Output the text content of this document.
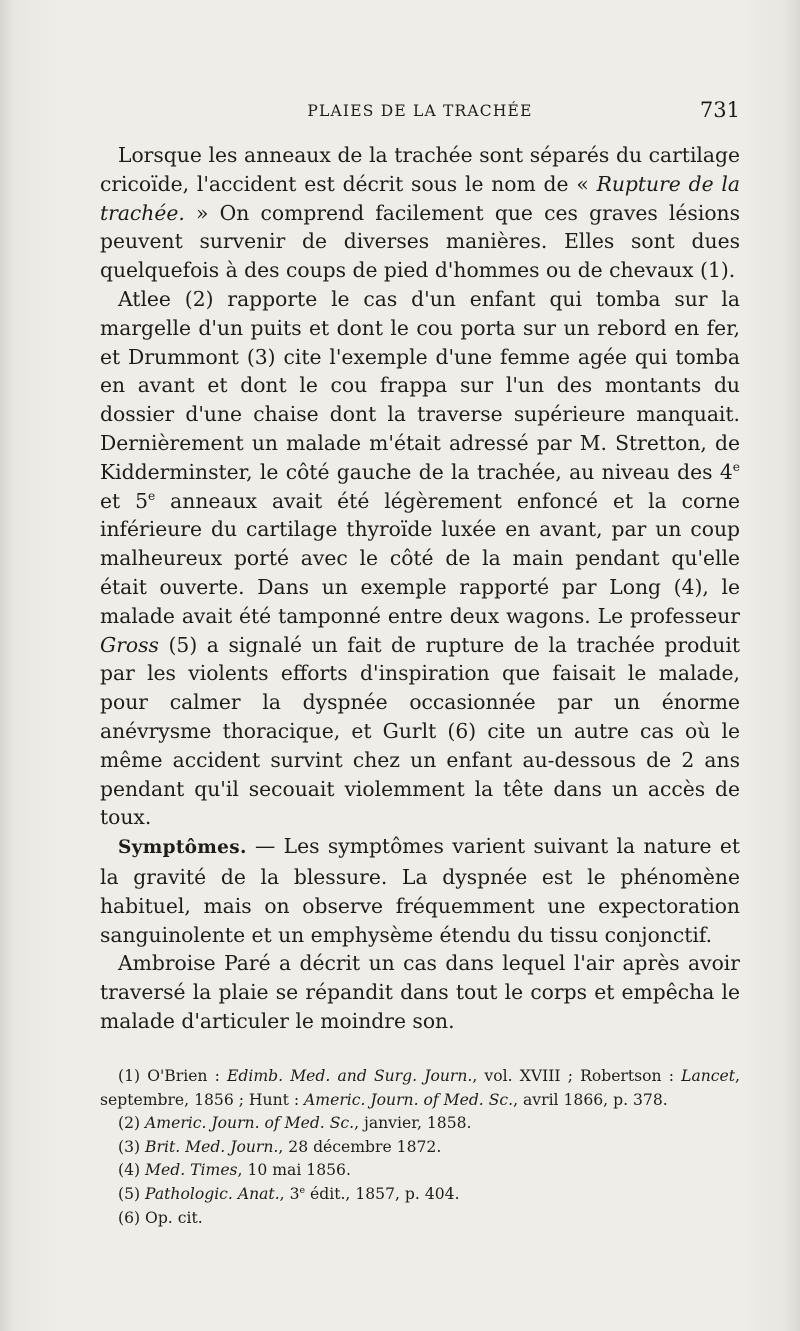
PLAIES DE LA TRACHÉE	731

Lorsque les anneaux de la trachée sont séparés du cartilage cricoïde, l'accident est décrit sous le nom de « Rupture de la trachée. » On comprend facilement que ces graves lésions peuvent survenir de diverses manières. Elles sont dues quelquefois à des coups de pied d'hommes ou de chevaux (1).

Atlee (2) rapporte le cas d'un enfant qui tomba sur la margelle d'un puits et dont le cou porta sur un rebord en fer, et Drummont (3) cite l'exemple d'une femme agée qui tomba en avant et dont le cou frappa sur l'un des montants du dossier d'une chaise dont la traverse supérieure manquait. Dernièrement un malade m'était adressé par M. Stretton, de Kidderminster, le côté gauche de la trachée, au niveau des 4e et 5e anneaux avait été légèrement enfoncé et la corne inférieure du cartilage thyroïde luxée en avant, par un coup malheureux porté avec le côté de la main pendant qu'elle était ouverte. Dans un exemple rapporté par Long (4), le malade avait été tamponné entre deux wagons. Le professeur Gross (5) a signalé un fait de rupture de la trachée produit par les violents efforts d'inspiration que faisait le malade, pour calmer la dyspnée occasionnée par un énorme anévrysme thoracique, et Gurlt (6) cite un autre cas où le même accident survint chez un enfant au-dessous de 2 ans pendant qu'il secouait violemment la tête dans un accès de toux.

Symptômes. — Les symptômes varient suivant la nature et la gravité de la blessure. La dyspnée est le phénomène habituel, mais on observe fréquemment une expectoration sanguinolente et un emphysème étendu du tissu conjonctif.

Ambroise Paré a décrit un cas dans lequel l'air après avoir traversé la plaie se répandit dans tout le corps et empêcha le malade d'articuler le moindre son.

(1) O'Brien : Edimb. Med. and Surg. Journ., vol. XVIII ; Robertson : Lancet, septembre, 1856 ; Hunt : Americ. Journ. of Med. Sc., avril 1866, p. 378.

(2) Americ. Journ. of Med. Sc., janvier, 1858.

(3) Brit. Med. Journ., 28 décembre 1872.

(4) Med. Times, 10 mai 1856.

(5) Pathologic. Anat., 3e édit., 1857, p. 404.

(6) Op. cit.
